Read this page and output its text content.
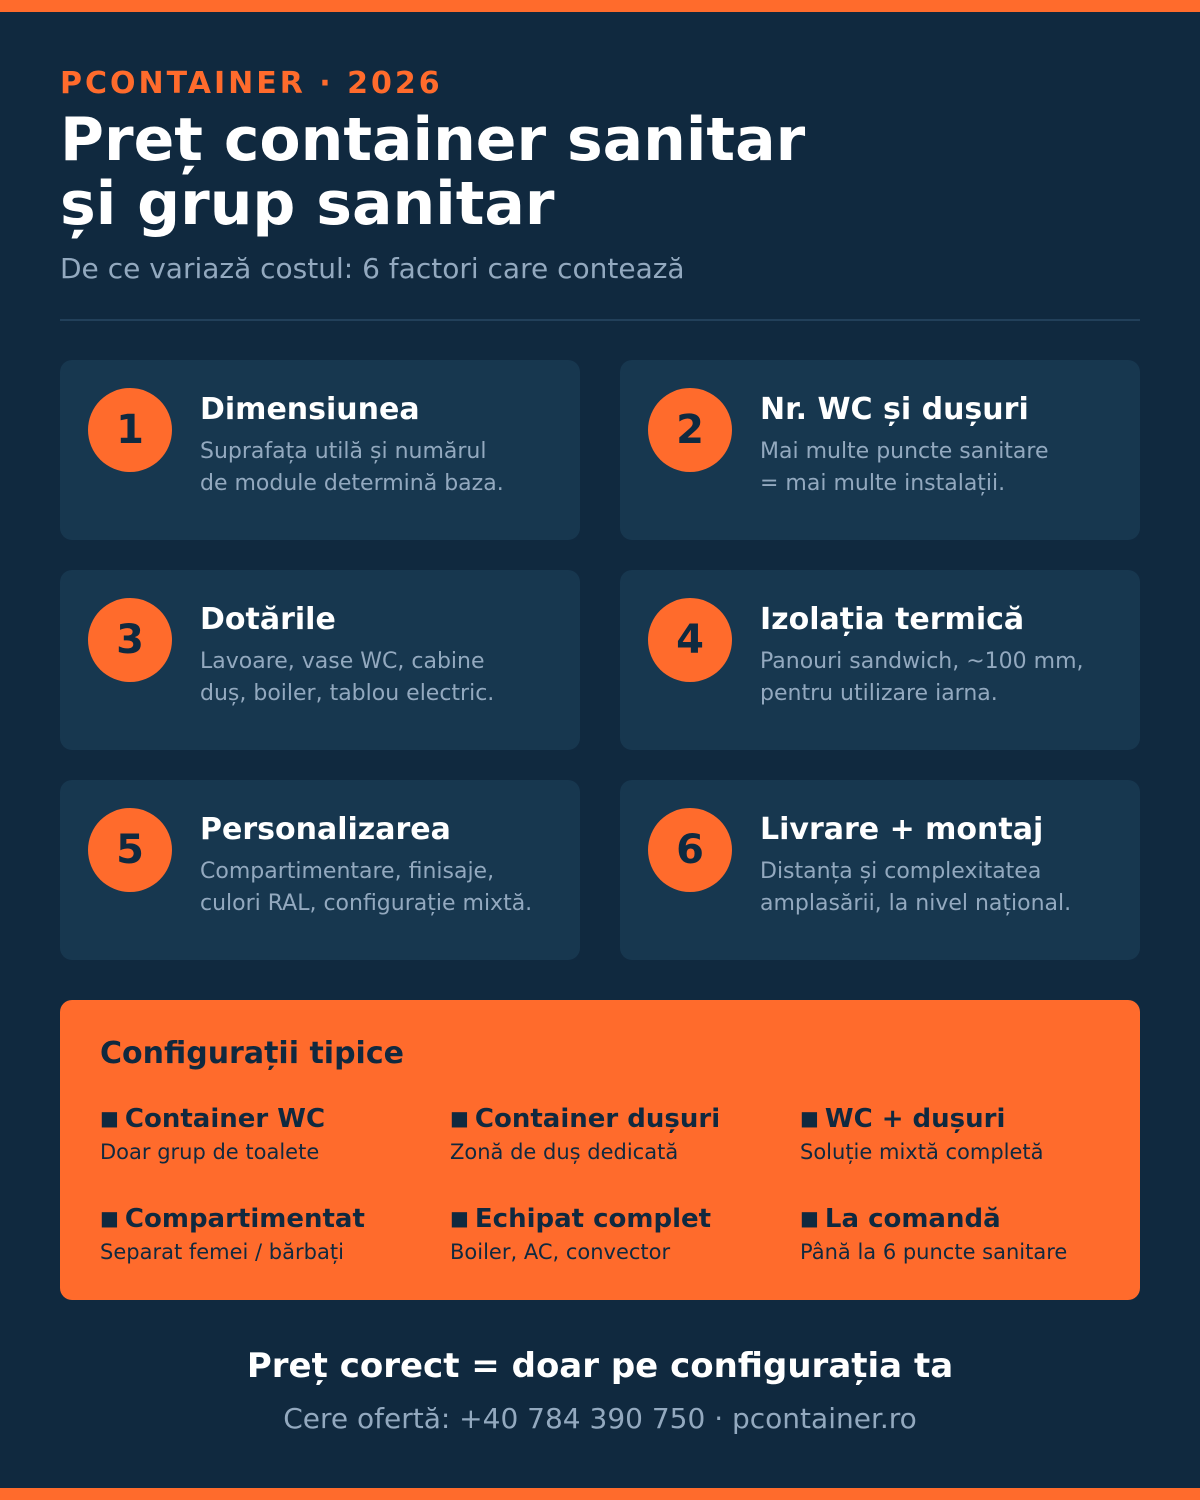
PCONTAINER · 2026
Preț container sanitar
și grup sanitar
De ce variază costul: 6 factori care contează
1	Dimensiunea
Suprafața utilă și numărul
de module determină baza.
2	Nr. WC și dușuri
Mai multe puncte sanitare
= mai multe instalații.
3	Dotările
Lavoare, vase WC, cabine
duș, boiler, tablou electric.
4	Izolația termică
Panouri sandwich, ~100 mm,
pentru utilizare iarna.
5	Personalizarea
Compartimentare, finisaje,
culori RAL, configurație mixtă.
6	Livrare + montaj
Distanța și complexitatea
amplasării, la nivel național.
Configurații tipice
■ Container WC
Doar grup de toalete
■ Container dușuri
Zonă de duș dedicată
■ WC + dușuri
Soluție mixtă completă
■ Compartimentat
Separat femei / bărbați
■ Echipat complet
Boiler, AC, convector
■ La comandă
Până la 6 puncte sanitare
Preț corect = doar pe configurația ta
Cere ofertă: +40 784 390 750 · pcontainer.ro
